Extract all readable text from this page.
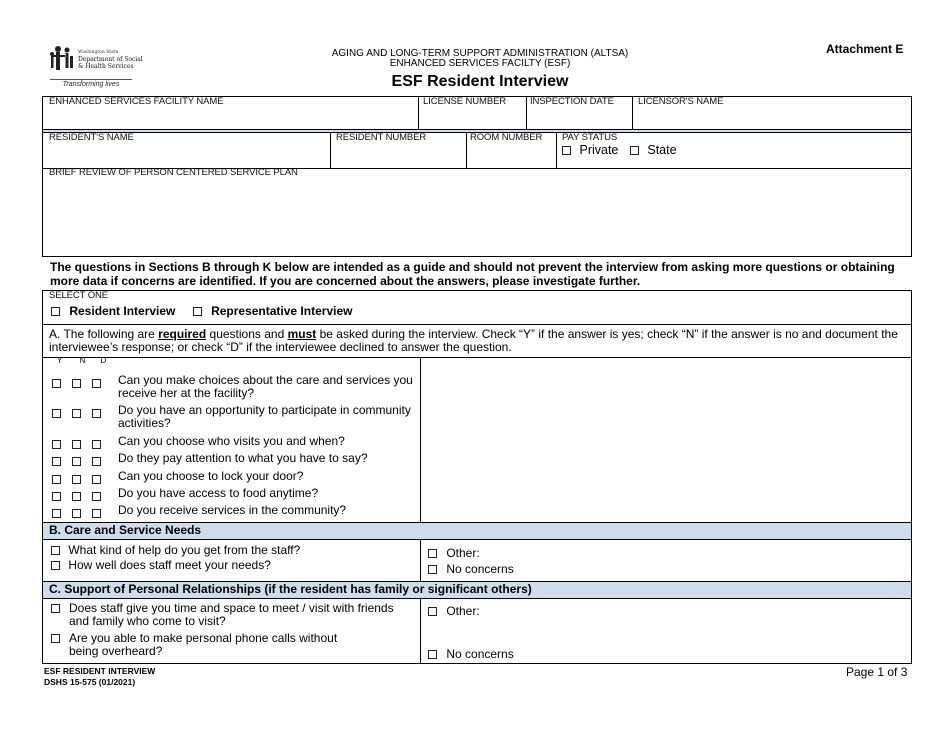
Washington State
Department of Social
& Health Services
Transforming lives
AGING AND LONG-TERM SUPPORT ADMINISTRATION (ALTSA)
ENHANCED SERVICES FACILTY (ESF)
ESF Resident Interview
Attachment E
ENHANCED SERVICES FACILITY NAME	LICENSE NUMBER	INSPECTION DATE	LICENSOR'S NAME
RESIDENT'S NAME	RESIDENT NUMBER	ROOM NUMBER PAY STATUS
Private State
BRIEF REVIEW OF PERSON CENTERED SERVICE PLAN
The questions in Sections B through K below are intended as a guide and should not prevent the interview from asking more questions or obtaining more data if concerns are identified. If you are concerned about the answers, please investigate further.
SELECT ONE
Resident Interview	Representative Interview
A. The following are required questions and must be asked during the interview. Check “Y” if the answer is yes; check “N” if the answer is no and document the interviewee’s response; or check “D” if the interviewee declined to answer the question.
Y N D
Can you make choices about the care and services you receive her at the facility?
Do you have an opportunity to participate in community activities?
Can you choose who visits you and when?
Do they pay attention to what you have to say?
Can you choose to lock your door?
Do you have access to food anytime?
Do you receive services in the community?
B. Care and Service Needs
What kind of help do you get from the staff?
How well does staff meet your needs?
Other:
No concerns
C. Support of Personal Relationships (if the resident has family or significant others)
Does staff give you time and space to meet / visit with friends and family who come to visit?
Are you able to make personal phone calls without being overheard?
Other:
No concerns
ESF RESIDENT INTERVIEW
DSHS 15-575 (01/2021)
Page 1 of 3
